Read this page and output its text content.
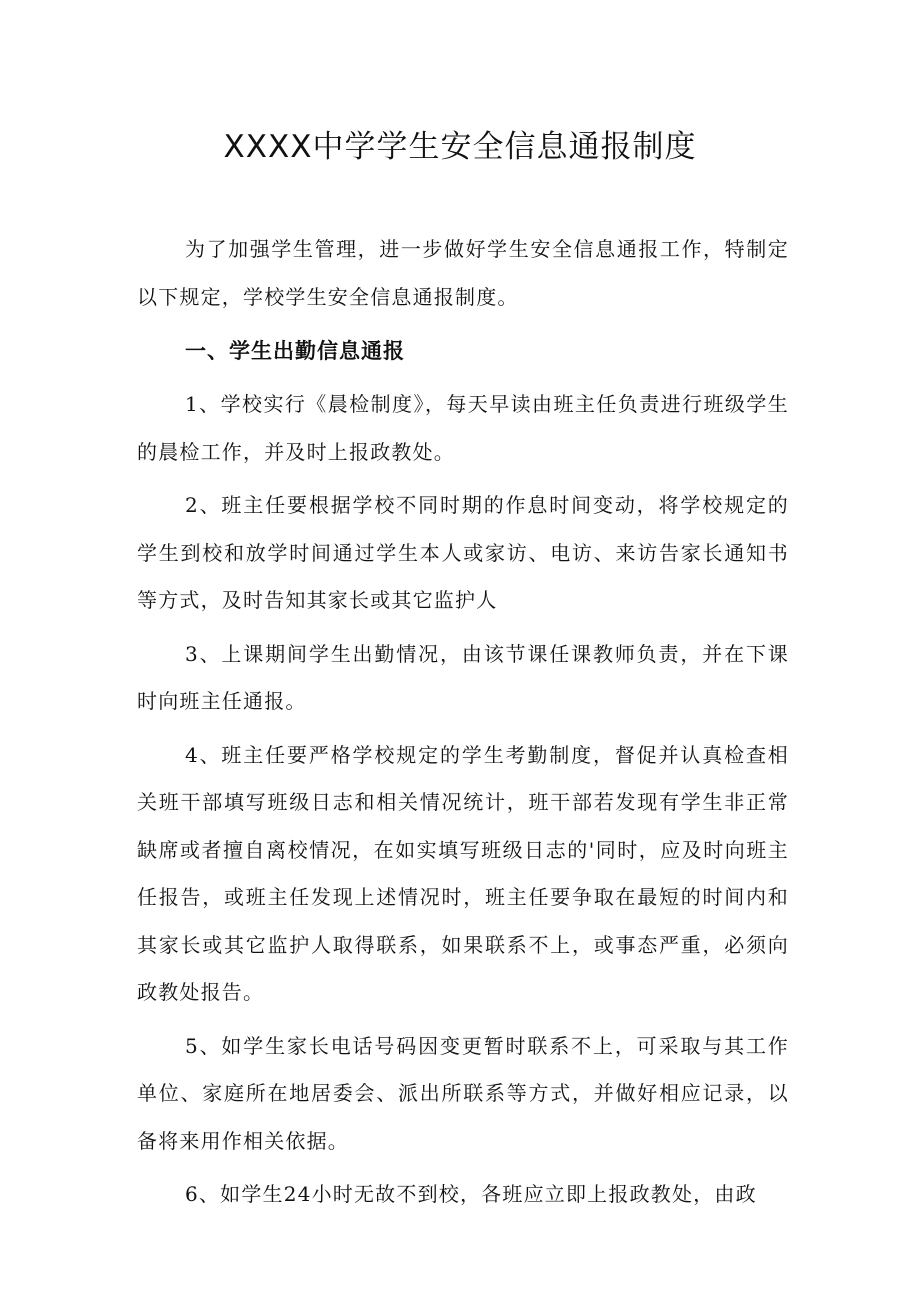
XXXX中学学生安全信息通报制度

为了加强学生管理，进一步做好学生安全信息通报工作，特制定以下规定，学校学生安全信息通报制度。

一、学生出勤信息通报

1、学校实行《晨检制度》，每天早读由班主任负责进行班级学生的晨检工作，并及时上报政教处。

2、班主任要根据学校不同时期的作息时间变动，将学校规定的学生到校和放学时间通过学生本人或家访、电访、来访告家长通知书等方式，及时告知其家长或其它监护人

3、上课期间学生出勤情况，由该节课任课教师负责，并在下课时向班主任通报。

4、班主任要严格学校规定的学生考勤制度，督促并认真检查相关班干部填写班级日志和相关情况统计，班干部若发现有学生非正常缺席或者擅自离校情况，在如实填写班级日志的'同时，应及时向班主任报告，或班主任发现上述情况时，班主任要争取在最短的时间内和其家长或其它监护人取得联系，如果联系不上，或事态严重，必须向政教处报告。

5、如学生家长电话号码因变更暂时联系不上，可采取与其工作单位、家庭所在地居委会、派出所联系等方式，并做好相应记录，以备将来用作相关依据。

6、如学生24小时无故不到校，各班应立即上报政教处，由政
